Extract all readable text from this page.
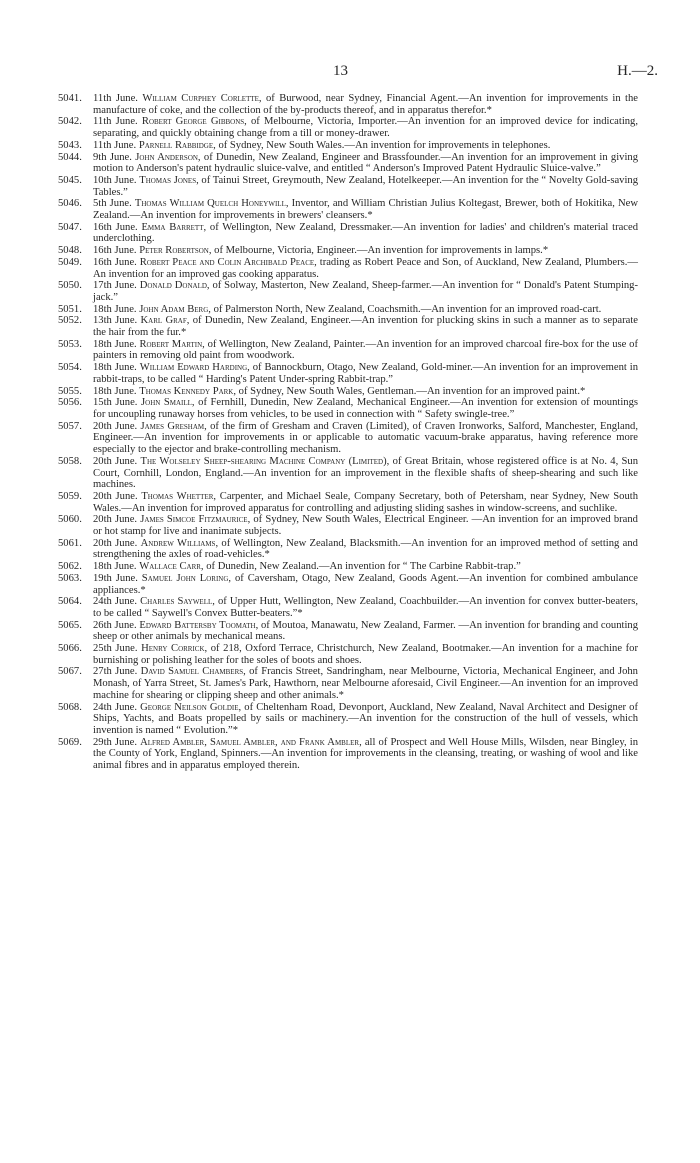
13	H.—2.

5041. 11th June. William Curphey Corlette, of Burwood, near Sydney, Financial Agent.—An invention for improvements in the manufacture of coke, and the collection of the by-products thereof, and in apparatus therefor.*

5042. 11th June. Robert George Gibbons, of Melbourne, Victoria, Importer.—An invention for an improved device for indicating, separating, and quickly obtaining change from a till or money-drawer.

5043. 11th June. Parnell Rabbidge, of Sydney, New South Wales.—An invention for improvements in telephones.

5044. 9th June. John Anderson, of Dunedin, New Zealand, Engineer and Brassfounder.—An invention for an improvement in giving motion to Anderson's patent hydraulic sluice-valve, and entitled “ Anderson's Improved Patent Hydraulic Sluice-valve.”

5045. 10th June. Thomas Jones, of Tainui Street, Greymouth, New Zealand, Hotelkeeper.—An invention for the “ Novelty Gold-saving Tables.”

5046. 5th June. Thomas William Quelch Honeywill, Inventor, and William Christian Julius Koltegast, Brewer, both of Hokitika, New Zealand.—An invention for improvements in brewers' cleansers.*

5047. 16th June. Emma Barrett, of Wellington, New Zealand, Dressmaker.—An invention for ladies' and children's material traced underclothing.

5048. 16th June. Peter Robertson, of Melbourne, Victoria, Engineer.—An invention for improvements in lamps.*

5049. 16th June. Robert Peace and Colin Archibald Peace, trading as Robert Peace and Son, of Auckland, New Zealand, Plumbers.—An invention for an improved gas cooking apparatus.

5050. 17th June. Donald Donald, of Solway, Masterton, New Zealand, Sheep-farmer.—An invention for “ Donald's Patent Stumping-jack.”

5051. 18th June. John Adam Berg, of Palmerston North, New Zealand, Coachsmith.—An invention for an improved road-cart.

5052. 13th June. Karl Graf, of Dunedin, New Zealand, Engineer.—An invention for plucking skins in such a manner as to separate the hair from the fur.*

5053. 18th June. Robert Martin, of Wellington, New Zealand, Painter.—An invention for an improved charcoal fire-box for the use of painters in removing old paint from woodwork.

5054. 18th June. William Edward Harding, of Bannockburn, Otago, New Zealand, Gold-miner.—An invention for an improvement in rabbit-traps, to be called “ Harding's Patent Under-spring Rabbit-trap.”

5055. 18th June. Thomas Kennedy Park, of Sydney, New South Wales, Gentleman.—An invention for an improved paint.*

5056. 15th June. John Smaill, of Fernhill, Dunedin, New Zealand, Mechanical Engineer.—An invention for extension of mountings for uncoupling runaway horses from vehicles, to be used in connection with “ Safety swingle-tree.”

5057. 20th June. James Gresham, of the firm of Gresham and Craven (Limited), of Craven Ironworks, Salford, Manchester, England, Engineer.—An invention for improvements in or applicable to automatic vacuum-brake apparatus, having reference more especially to the ejector and brake-controlling mechanism.

5058. 20th June. The Wolseley Sheep-shearing Machine Company (Limited), of Great Britain, whose registered office is at No. 4, Sun Court, Cornhill, London, England.—An invention for an improvement in the flexible shafts of sheep-shearing and such like machines.

5059. 20th June. Thomas Whetter, Carpenter, and Michael Seale, Company Secretary, both of Petersham, near Sydney, New South Wales.—An invention for improved apparatus for controlling and adjusting sliding sashes in window-screens, and suchlike.

5060. 20th June. James Simcoe Fitzmaurice, of Sydney, New South Wales, Electrical Engineer. —An invention for an improved brand or hot stamp for live and inanimate subjects.

5061. 20th June. Andrew Williams, of Wellington, New Zealand, Blacksmith.—An invention for an improved method of setting and strengthening the axles of road-vehicles.*

5062. 18th June. Wallace Carr, of Dunedin, New Zealand.—An invention for “ The Carbine Rabbit-trap.”

5063. 19th June. Samuel John Loring, of Caversham, Otago, New Zealand, Goods Agent.—An invention for combined ambulance appliances.*

5064. 24th June. Charles Saywell, of Upper Hutt, Wellington, New Zealand, Coachbuilder.—An invention for convex butter-beaters, to be called “ Saywell's Convex Butter-beaters.”*

5065. 26th June. Edward Battersby Toomath, of Moutoa, Manawatu, New Zealand, Farmer. —An invention for branding and counting sheep or other animals by mechanical means.

5066. 25th June. Henry Corrick, of 218, Oxford Terrace, Christchurch, New Zealand, Bootmaker.—An invention for a machine for burnishing or polishing leather for the soles of boots and shoes.

5067. 27th June. David Samuel Chambers, of Francis Street, Sandringham, near Melbourne, Victoria, Mechanical Engineer, and John Monash, of Yarra Street, St. James's Park, Hawthorn, near Melbourne aforesaid, Civil Engineer.—An invention for an improved machine for shearing or clipping sheep and other animals.*

5068. 24th June. George Neilson Goldie, of Cheltenham Road, Devonport, Auckland, New Zealand, Naval Architect and Designer of Ships, Yachts, and Boats propelled by sails or machinery.—An invention for the construction of the hull of vessels, which invention is named “ Evolution.”*

5069. 29th June. Alfred Ambler, Samuel Ambler, and Frank Ambler, all of Prospect and Well House Mills, Wilsden, near Bingley, in the County of York, England, Spinners.—An invention for improvements in the cleansing, treating, or washing of wool and like animal fibres and in apparatus employed therein.
